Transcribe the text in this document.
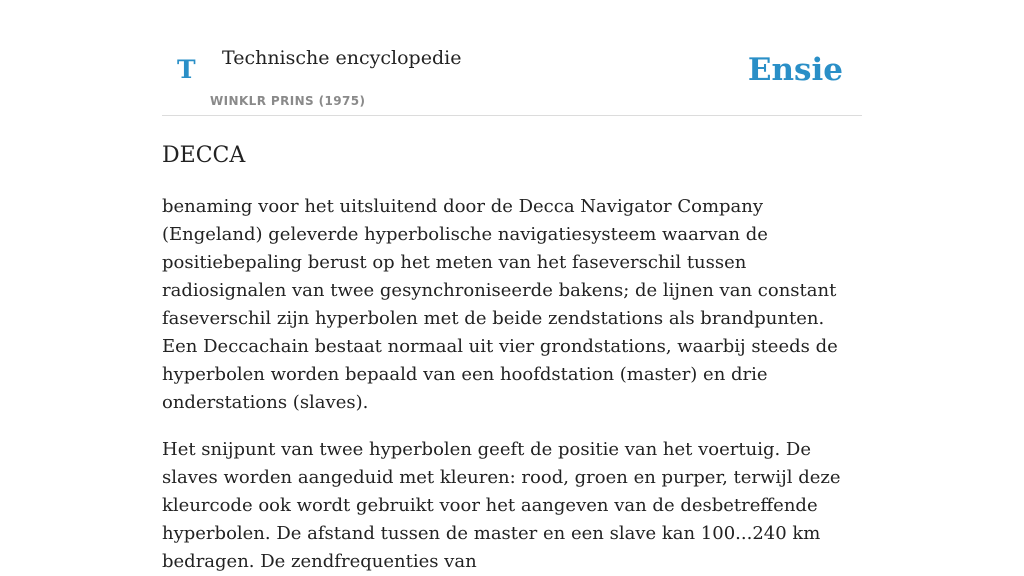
T Technische encyclopedie
WINKLR PRINS (1975)
Ensie
DECCA

benaming voor het uitsluitend door de Decca Navigator Company (Engeland) geleverde hyperbolische navigatiesysteem waarvan de positiebepaling berust op het meten van het faseverschil tussen radiosignalen van twee gesynchroniseerde bakens; de lijnen van constant faseverschil zijn hyperbolen met de beide zendstations als brandpunten. Een Deccachain bestaat normaal uit vier grondstations, waarbij steeds de hyperbolen worden bepaald van een hoofdstation (master) en drie onderstations (slaves).

Het snijpunt van twee hyperbolen geeft de positie van het voertuig. De slaves worden aangeduid met kleuren: rood, groen en purper, terwijl deze kleurcode ook wordt gebruikt voor het aangeven van de desbetreffende hyperbolen. De afstand tussen de master en een slave kan 100...240 km bedragen. De zendfrequenties van
